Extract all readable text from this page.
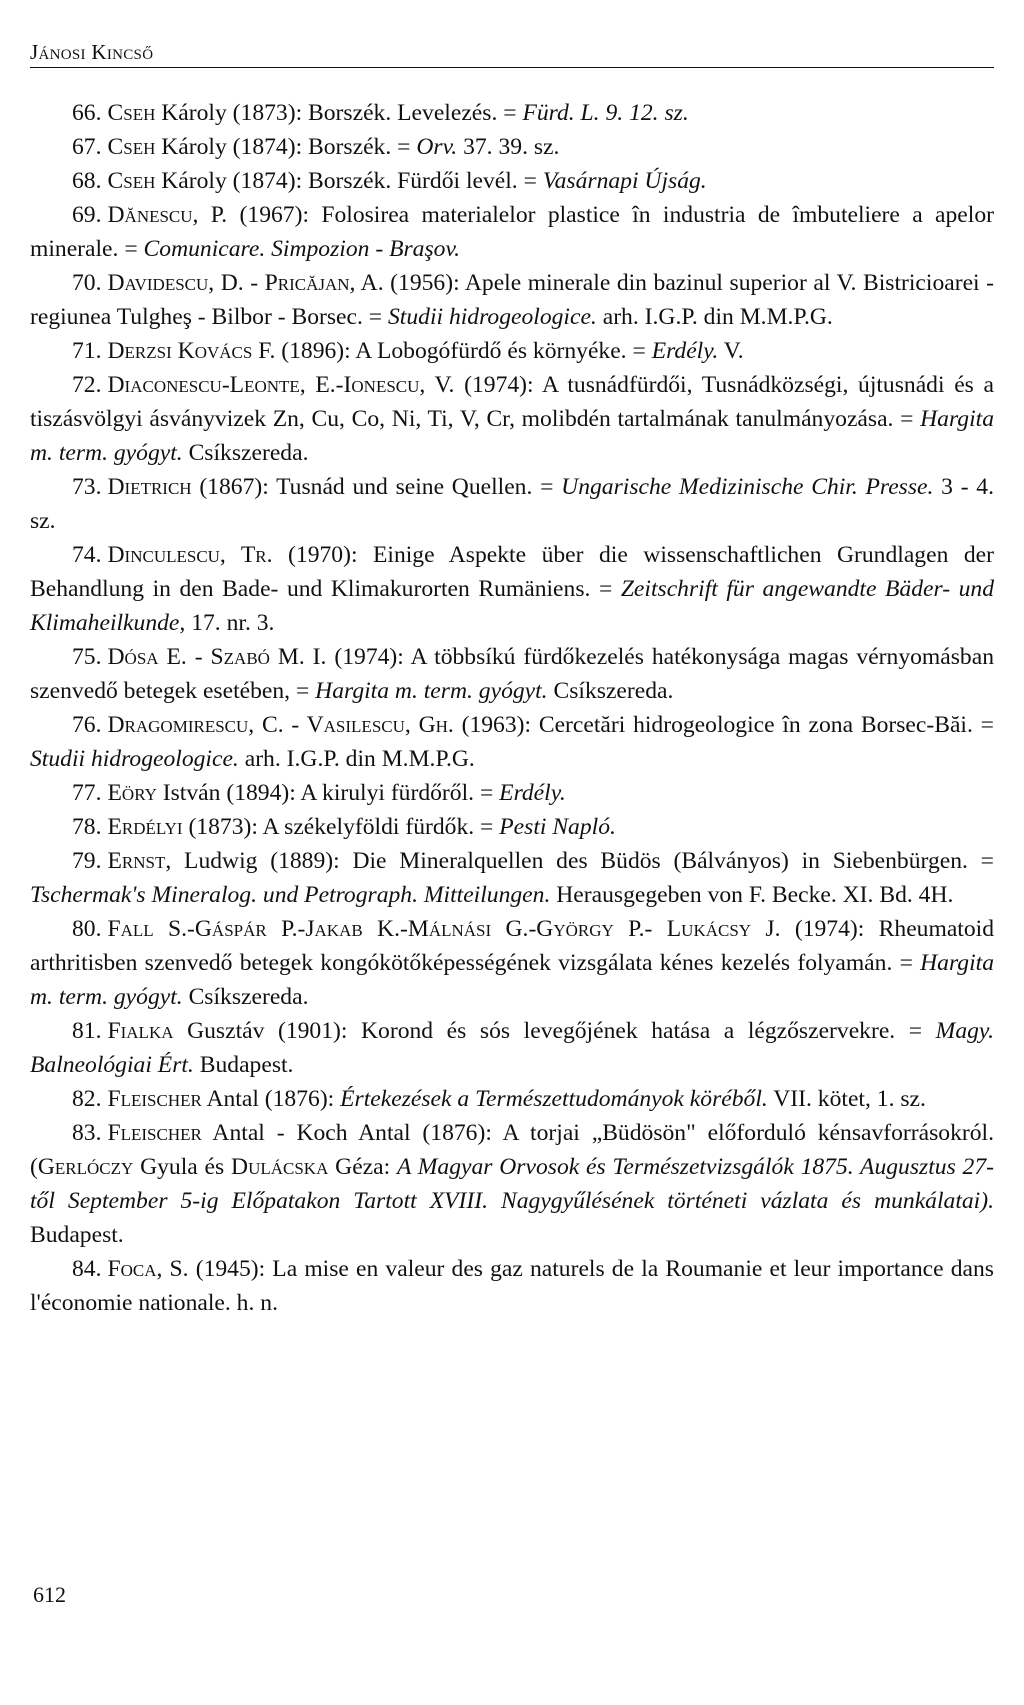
Jánosi Kincső

66. Cseh Károly (1873): Borszék. Levelezés. = Fürd. L. 9. 12. sz.

67. Cseh Károly (1874): Borszék. = Orv. 37. 39. sz.

68. Cseh Károly (1874): Borszék. Fürdői levél. = Vasárnapi Újság.

69. Dănescu, P. (1967): Folosirea materialelor plastice în industria de îmbuteliere a apelor minerale. = Comunicare. Simpozion - Braşov.

70. Davidescu, D. - Pricăjan, A. (1956): Apele minerale din bazinul superior al V. Bistricioarei - regiunea Tulgheş - Bilbor - Borsec. = Studii hidrogeologice. arh. I.G.P. din M.M.P.G.

71. Derzsi Kovács F. (1896): A Lobogófürdő és környéke. = Erdély. V.

72. Diaconescu-Leonte, E.-Ionescu, V. (1974): A tusnádfürdői, Tusnádközségi, újtusnádi és a tiszásvölgyi ásványvizek Zn, Cu, Co, Ni, Ti, V, Cr, molibdén tartalmának tanulmányozása. = Hargita m. term. gyógyt. Csíkszereda.

73. Dietrich (1867): Tusnád und seine Quellen. = Ungarische Medizinische Chir. Presse. 3 - 4. sz.

74. Dinculescu, Tr. (1970): Einige Aspekte über die wissenschaftlichen Grundlagen der Behandlung in den Bade- und Klimakurorten Rumäniens. = Zeitschrift für angewandte Bäder- und Klimaheilkunde, 17. nr. 3.

75. Dósa E. - Szabó M. I. (1974): A többsíkú fürdőkezelés hatékonysága magas vérnyomásban szenvedő betegek esetében, = Hargita m. term. gyógyt. Csíkszereda.

76. Dragomirescu, C. - Vasilescu, Gh. (1963): Cercetări hidrogeologice în zona Borsec-Băi. = Studii hidrogeologice. arh. I.G.P. din M.M.P.G.

77. Eöry István (1894): A kirulyi fürdőről. = Erdély.

78. Erdélyi (1873): A székelyföldi fürdők. = Pesti Napló.

79. Ernst, Ludwig (1889): Die Mineralquellen des Büdös (Bálványos) in Siebenbürgen. = Tschermak's Mineralog. und Petrograph. Mitteilungen. Herausgegeben von F. Becke. XI. Bd. 4H.

80. Fall S.-Gáspár P.-Jakab K.-Málnási G.-György P.- Lukácsy J. (1974): Rheumatoid arthritisben szenvedő betegek kongókötőképességének vizsgálata kénes kezelés folyamán. = Hargita m. term. gyógyt. Csíkszereda.

81. Fialka Gusztáv (1901): Korond és sós levegőjének hatása a légzőszervekre. = Magy. Balneológiai Ért. Budapest.

82. Fleischer Antal (1876): Értekezések a Természettudományok köréből. VII. kötet, 1. sz.

83. Fleischer Antal - Koch Antal (1876): A torjai „Büdösön" előforduló kénsavforrásokról. (Gerlóczy Gyula és Dulácska Géza: A Magyar Orvosok és Természetvizsgálók 1875. Augusztus 27-től September 5-ig Előpatakon Tartott XVIII. Nagygyűlésének történeti vázlata és munkálatai). Budapest.

84. Foca, S. (1945): La mise en valeur des gaz naturels de la Roumanie et leur importance dans l'économie nationale. h. n.

612
